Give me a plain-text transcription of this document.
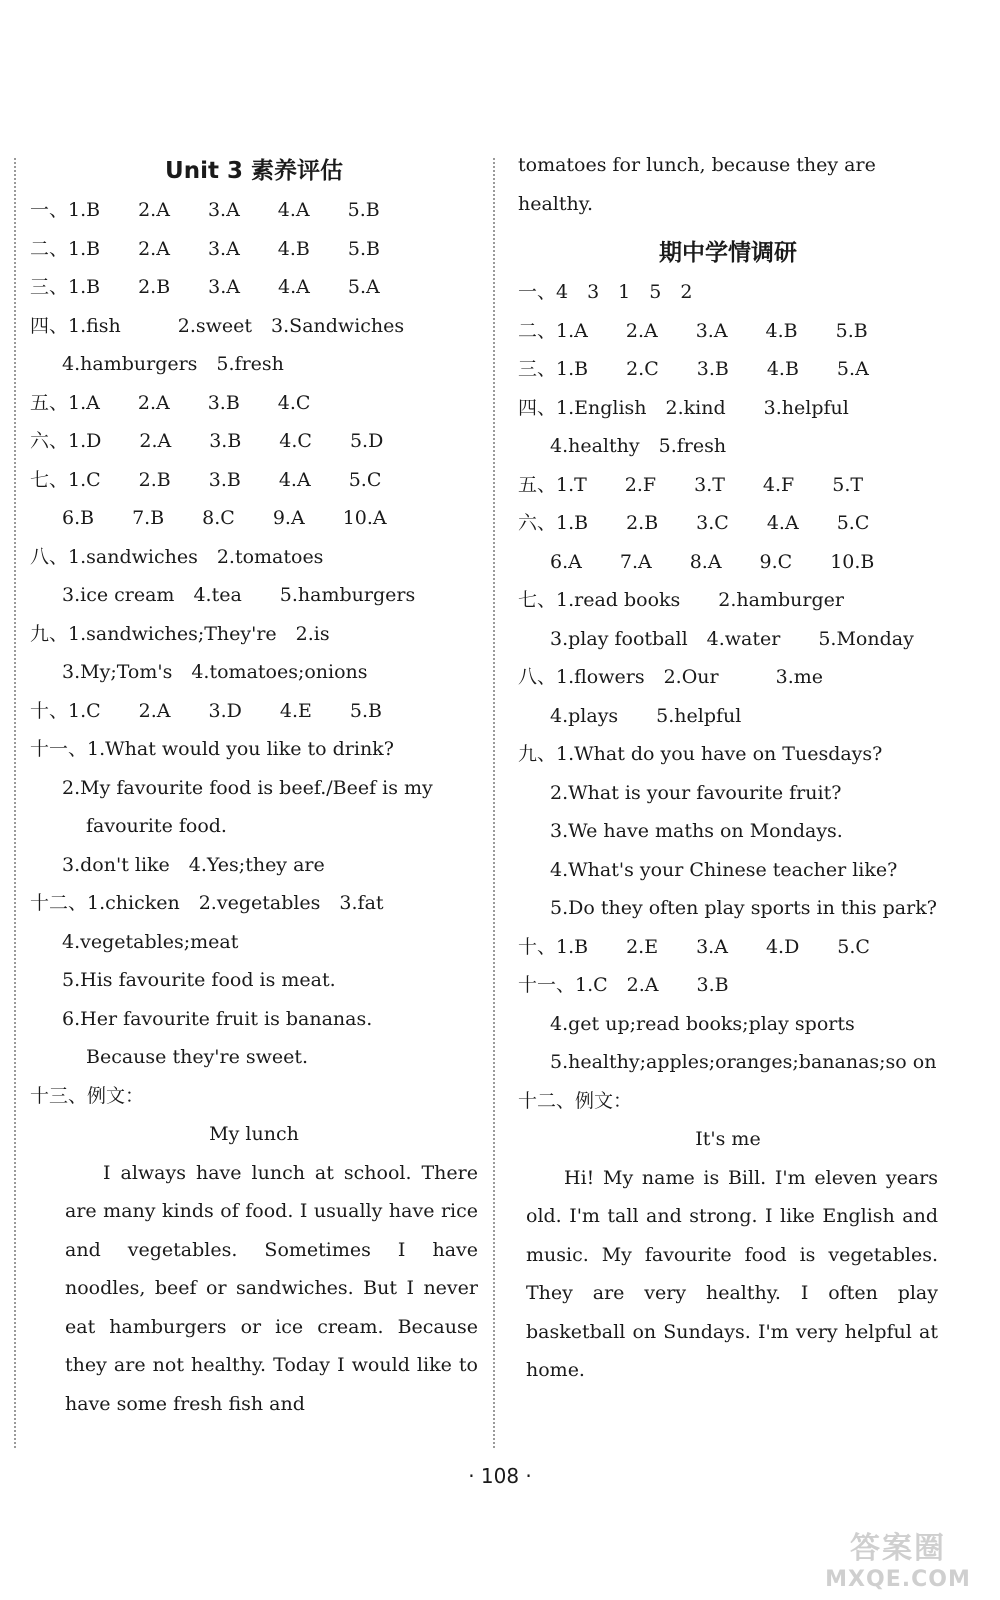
Unit 3 素养评估
一、1.B　　2.A　　3.A　　4.A　　5.B
二、1.B　　2.A　　3.A　　4.B　　5.B
三、1.B　　2.B　　3.A　　4.A　　5.A
四、1.fish　　　2.sweet　3.Sandwiches
4.hamburgers　5.fresh
五、1.A　　2.A　　3.B　　4.C
六、1.D　　2.A　　3.B　　4.C　　5.D
七、1.C　　2.B　　3.B　　4.A　　5.C
6.B　　7.B　　8.C　　9.A　　10.A
八、1.sandwiches　2.tomatoes
3.ice cream　4.tea　　5.hamburgers
九、1.sandwiches;They're　2.is
3.My;Tom's　4.tomatoes;onions
十、1.C　　2.A　　3.D　　4.E　　5.B
十一、1.What would you like to drink?
2.My favourite food is beef./Beef is my
favourite food.
3.don't like　4.Yes;they are
十二、1.chicken　2.vegetables　3.fat
4.vegetables;meat
5.His favourite food is meat.
6.Her favourite fruit is bananas.
Because they're sweet.
十三、例文：
My lunch
I always have lunch at school. There are many kinds of food. I usually have rice and vegetables. Sometimes I have noodles, beef or sandwiches. But I never eat hamburgers or ice cream. Because they are not healthy. Today I would like to have some fresh fish and
tomatoes for lunch, because they are
healthy.
期中学情调研
一、4　3　1　5　2
二、1.A　　2.A　　3.A　　4.B　　5.B
三、1.B　　2.C　　3.B　　4.B　　5.A
四、1.English　2.kind　　3.helpful
4.healthy　5.fresh
五、1.T　　2.F　　3.T　　4.F　　5.T
六、1.B　　2.B　　3.C　　4.A　　5.C
6.A　　7.A　　8.A　　9.C　　10.B
七、1.read books　　2.hamburger
3.play football　4.water　　5.Monday
八、1.flowers　2.Our　　　3.me
4.plays　　5.helpful
九、1.What do you have on Tuesdays?
2.What is your favourite fruit?
3.We have maths on Mondays.
4.What's your Chinese teacher like?
5.Do they often play sports in this park?
十、1.B　　2.E　　3.A　　4.D　　5.C
十一、1.C　2.A　　3.B
4.get up;read books;play sports
5.healthy;apples;oranges;bananas;so on
十二、例文：
It's me
Hi! My name is Bill. I'm eleven years old. I'm tall and strong. I like English and music. My favourite food is vegetables. They are very healthy. I often play basketball on Sundays. I'm very helpful at home.
· 108 ·
答案圈
MXQE.COM
